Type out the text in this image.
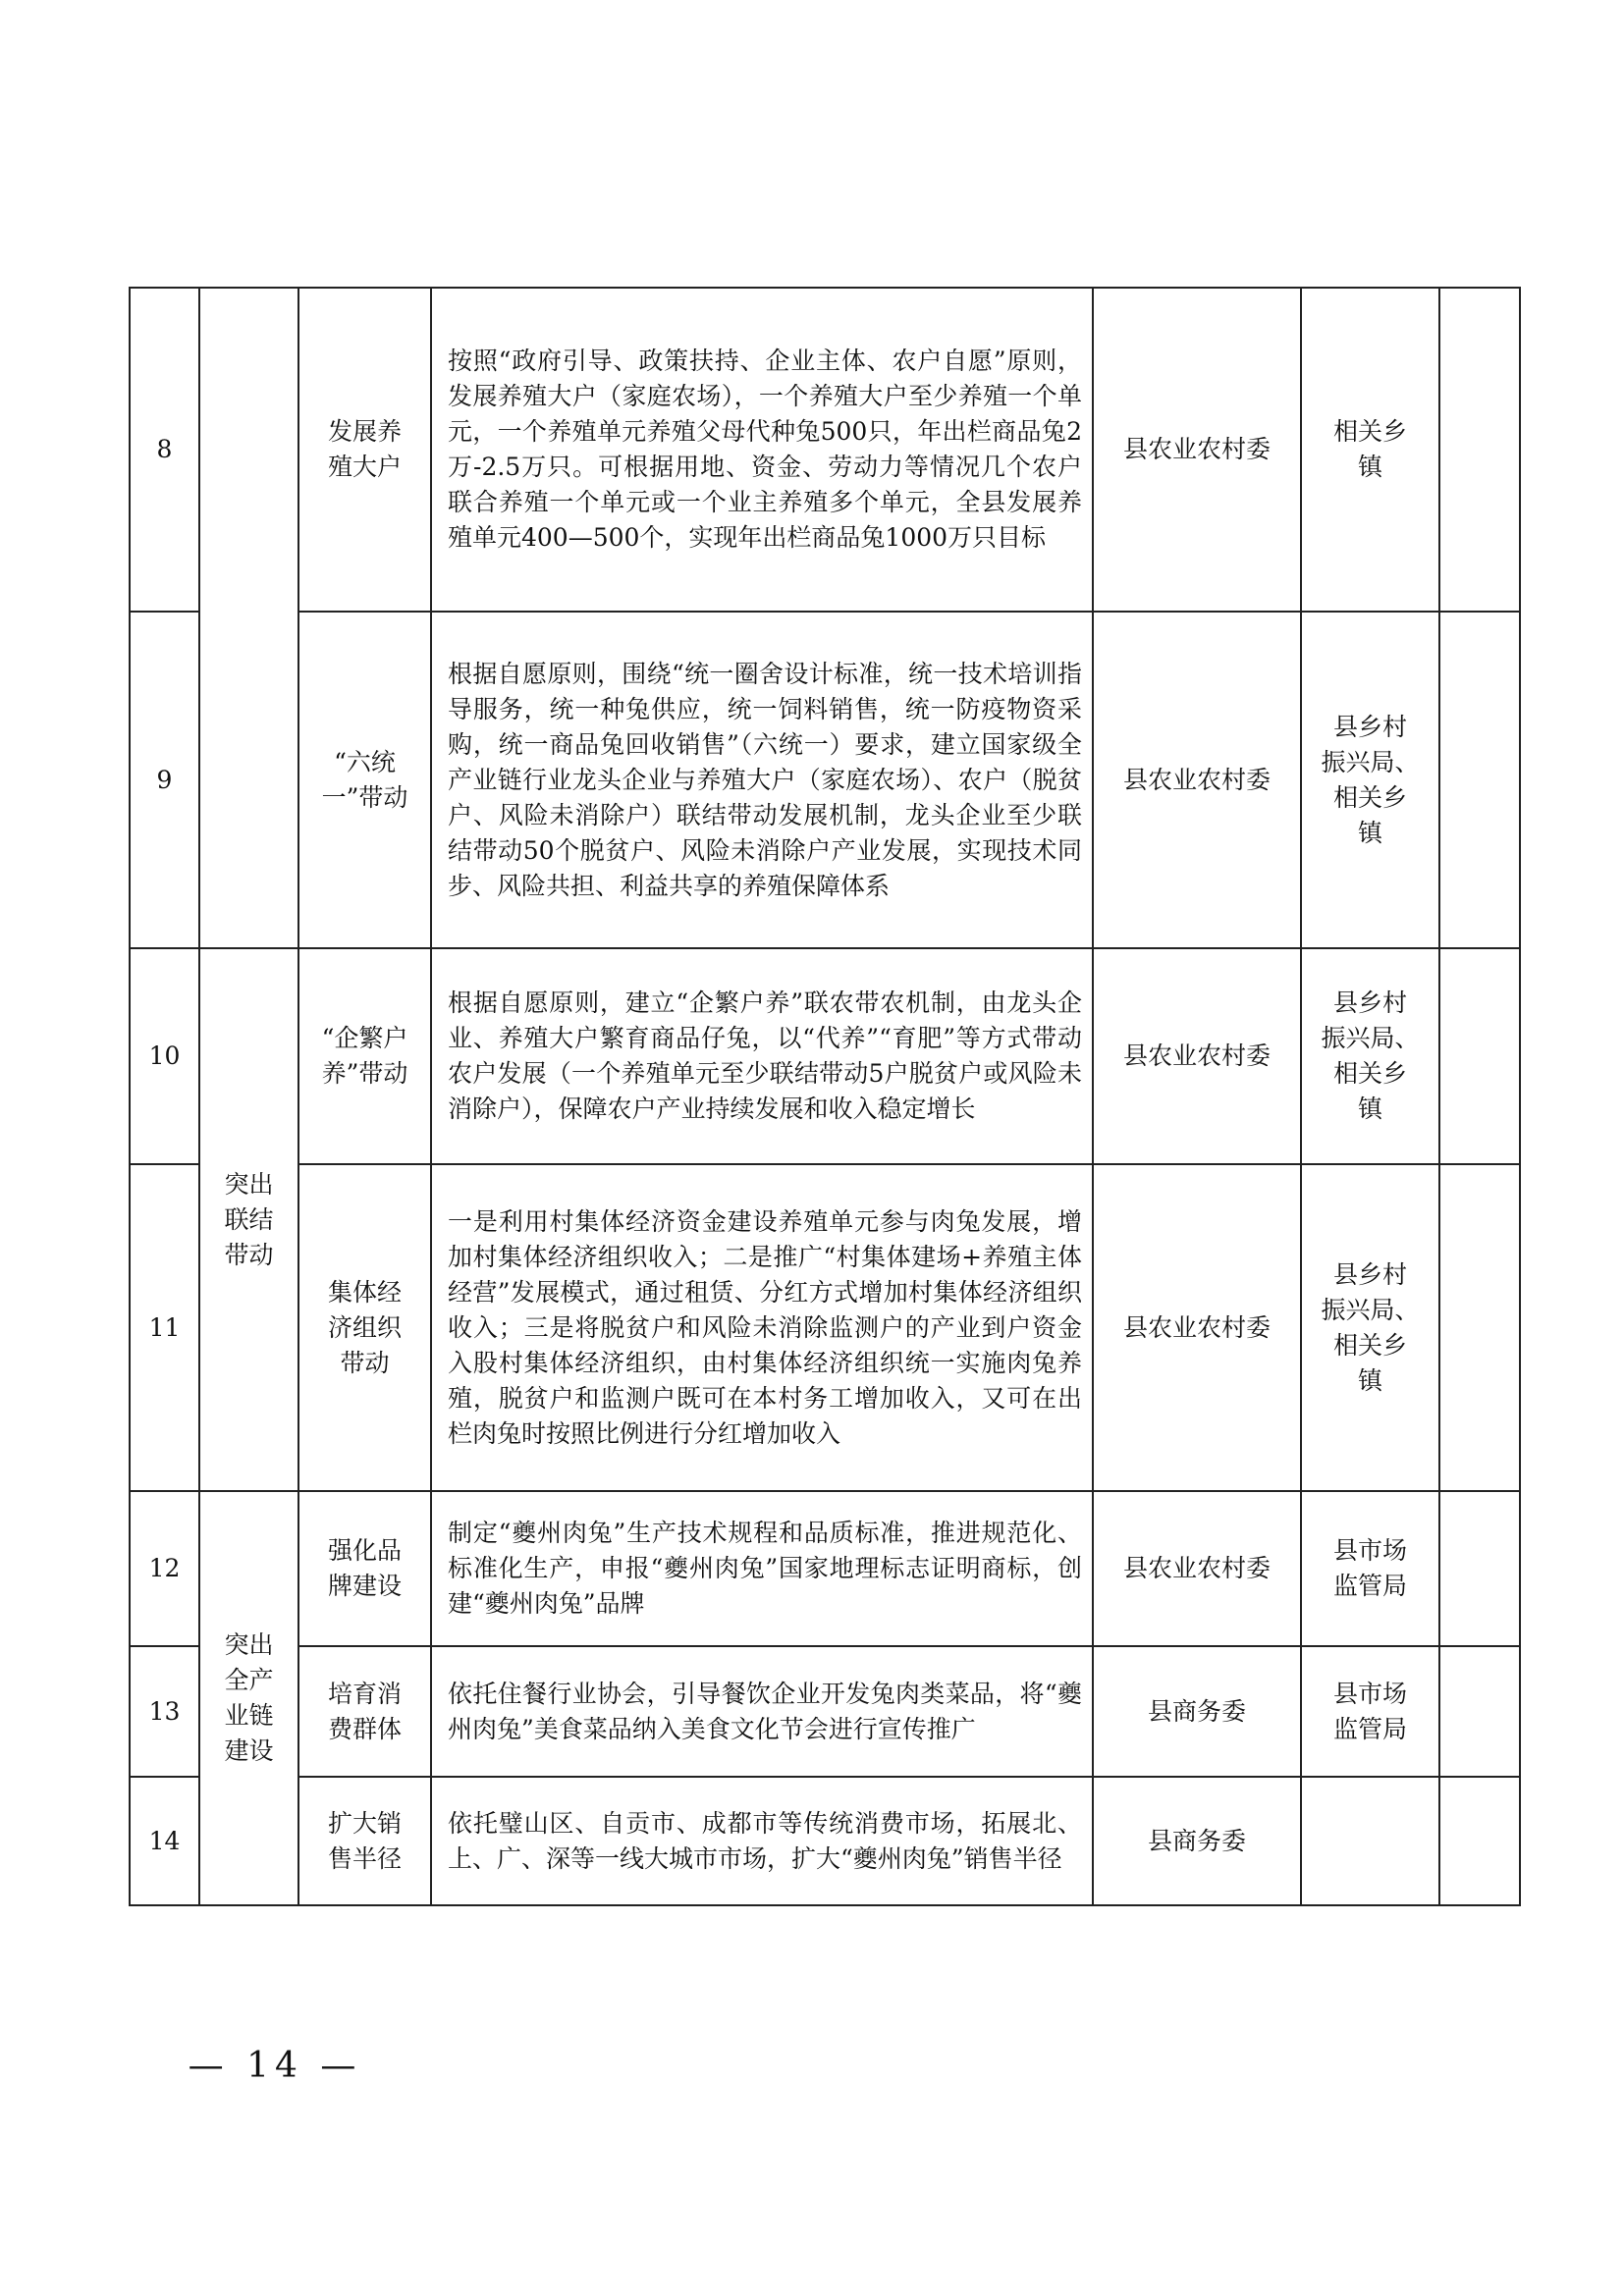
8		发展养
殖大户	按照“政府引导、政策扶持、企业主体、农户自愿”原则，发展养殖大户（家庭农场），一个养殖大户至少养殖一个单元，一个养殖单元养殖父母代种兔500只，年出栏商品兔2万-2.5万只。可根据用地、资金、劳动力等情况几个农户联合养殖一个单元或一个业主养殖多个单元，全县发展养殖单元400—500个，实现年出栏商品兔1000万只目标	县农业农村委	相关乡
镇	
9		“六统
一”带动	根据自愿原则，围绕“统一圈舍设计标准，统一技术培训指导服务，统一种兔供应，统一饲料销售，统一防疫物资采购，统一商品兔回收销售”（六统一）要求，建立国家级全产业链行业龙头企业与养殖大户（家庭农场）、农户（脱贫户、风险未消除户）联结带动发展机制，龙头企业至少联结带动50个脱贫户、风险未消除户产业发展，实现技术同步、风险共担、利益共享的养殖保障体系	县农业农村委	县乡村
振兴局、
相关乡
镇	
10	突出
联结
带动	“企繁户
养”带动	根据自愿原则，建立“企繁户养”联农带农机制，由龙头企业、养殖大户繁育商品仔兔，以“代养”“育肥”等方式带动农户发展（一个养殖单元至少联结带动5户脱贫户或风险未消除户），保障农户产业持续发展和收入稳定增长	县农业农村委	县乡村
振兴局、
相关乡
镇	
11		集体经
济组织
带动	一是利用村集体经济资金建设养殖单元参与肉兔发展，增加村集体经济组织收入；二是推广“村集体建场+养殖主体经营”发展模式，通过租赁、分红方式增加村集体经济组织收入；三是将脱贫户和风险未消除监测户的产业到户资金入股村集体经济组织，由村集体经济组织统一实施肉兔养殖，脱贫户和监测户既可在本村务工增加收入，又可在出栏肉兔时按照比例进行分红增加收入	县农业农村委	县乡村
振兴局、
相关乡
镇	
12	突出
全产
业链
建设	强化品
牌建设	制定“夔州肉兔”生产技术规程和品质标准，推进规范化、标准化生产，申报“夔州肉兔”国家地理标志证明商标，创建“夔州肉兔”品牌	县农业农村委	县市场
监管局	
13		培育消
费群体	依托住餐行业协会，引导餐饮企业开发兔肉类菜品，将“夔州肉兔”美食菜品纳入美食文化节会进行宣传推广	县商务委	县市场
监管局	
14		扩大销
售半径	依托璧山区、自贡市、成都市等传统消费市场，拓展北、上、广、深等一线大城市市场，扩大“夔州肉兔”销售半径	县商务委		
— 14 —
